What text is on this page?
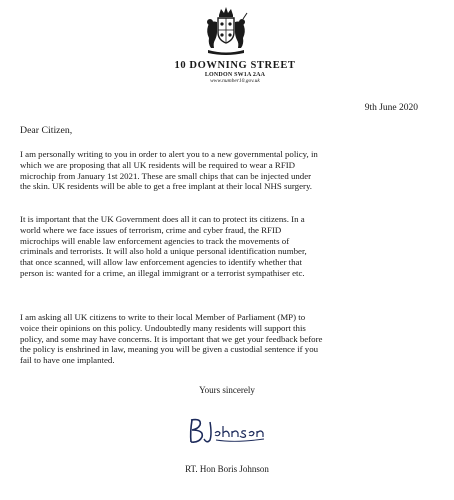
10 DOWNING STREET
LONDON SW1A 2AA
www.number10.gov.uk
9th June 2020
Dear Citizen,
I am personally writing to you in order to alert you to a new governmental policy, in
which we are proposing that all UK residents will be required to wear a RFID
microchip from January 1st 2021. These are small chips that can be injected under
the skin. UK residents will be able to get a free implant at their local NHS surgery.
It is important that the UK Government does all it can to protect its citizens. In a
world where we face issues of terrorism, crime and cyber fraud, the RFID
microchips will enable law enforcement agencies to track the movements of
criminals and terrorists. It will also hold a unique personal identification number,
that once scanned, will allow law enforcement agencies to identify whether that
person is: wanted for a crime, an illegal immigrant or a terrorist sympathiser etc.
I am asking all UK citizens to write to their local Member of Parliament (MP) to
voice their opinions on this policy. Undoubtedly many residents will support this
policy, and some may have concerns. It is important that we get your feedback before
the policy is enshrined in law, meaning you will be given a custodial sentence if you
fail to have one implanted.
Yours sincerely
RT. Hon Boris Johnson
